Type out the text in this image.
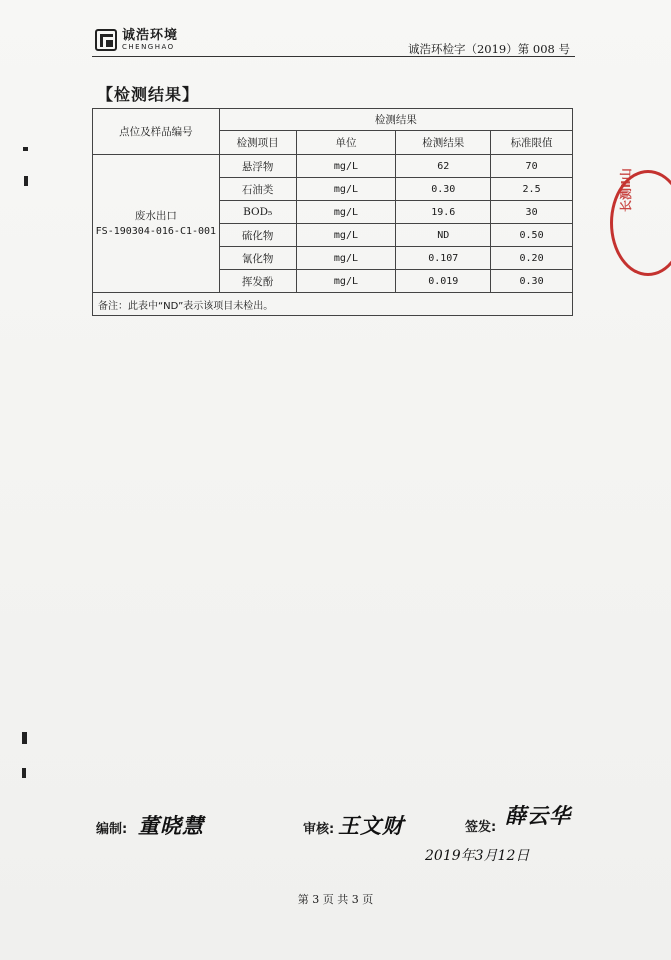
诚浩环境
CHENGHAO	诚浩环检字（2019）第 008 号
【检测结果】
点位及样品编号	检测结果			
	检测项目	单位	检测结果	标准限值
废水出口
FS-190304-016-C1-001	悬浮物	mg/L	62	70
	石油类	mg/L	0.30	2.5
	BOD₅	mg/L	19.6	30
	硫化物	mg/L	ND	0.50
	氰化物	mg/L	0.107	0.20
	挥发酚	mg/L	0.019	0.30
备注：此表中“ND”表示该项目未检出。				
长测Ⅱ山
编制: 董晓慧	审核: 王文财	签发: 薛云华
2019年3月12日
第 3 页 共 3 页
